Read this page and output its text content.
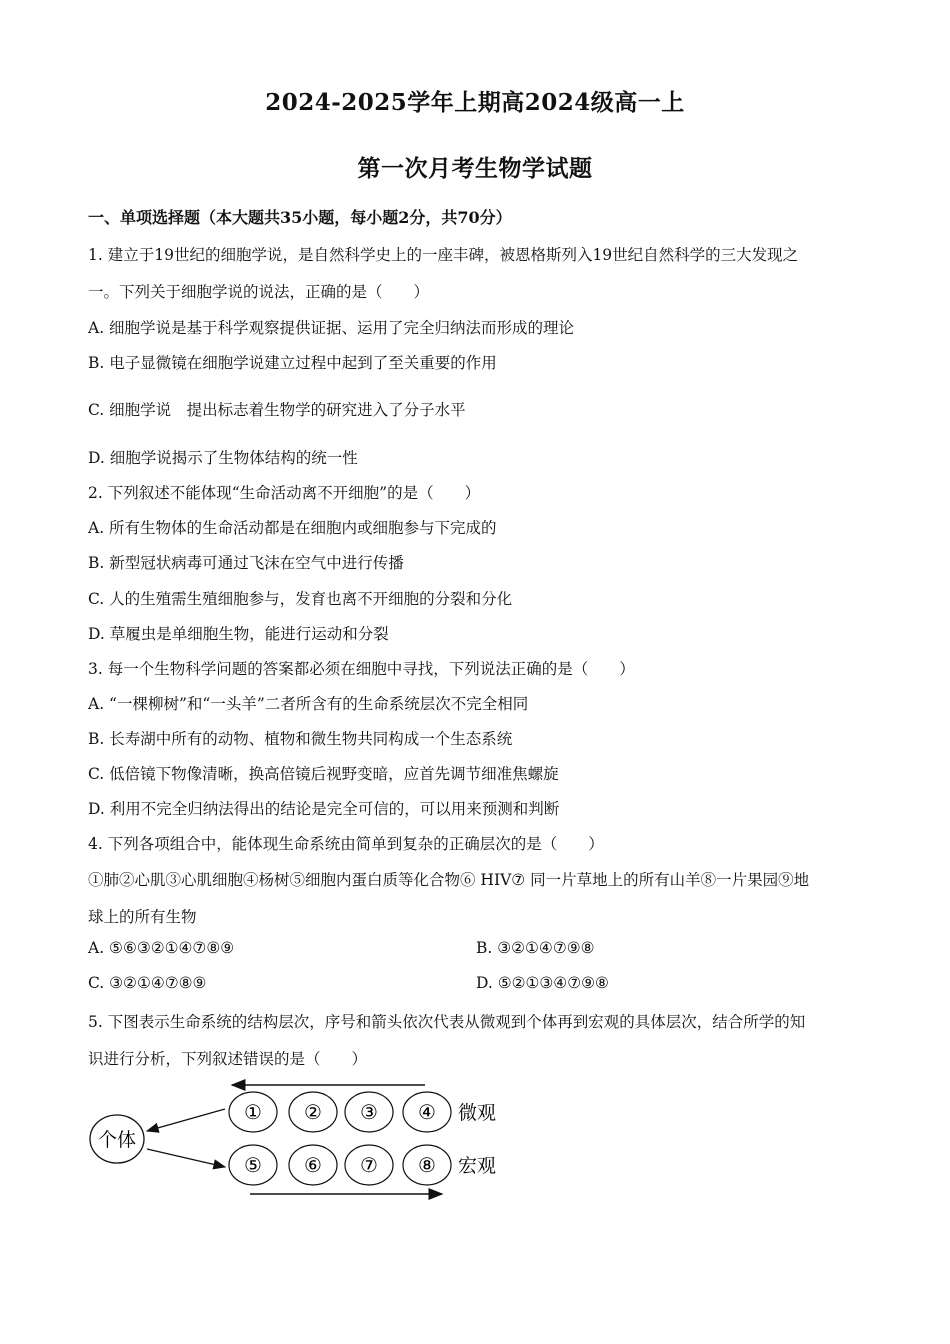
2024-2025学年上期高2024级高一上
第一次月考生物学试题
一、单项选择题（本大题共35小题，每小题2分，共70分）
1. 建立于19世纪的细胞学说，是自然科学史上的一座丰碑，被恩格斯列入19世纪自然科学的三大发现之
一。下列关于细胞学说的说法，正确的是（　　）
A. 细胞学说是基于科学观察提供证据、运用了完全归纳法而形成的理论
B. 电子显微镜在细胞学说建立过程中起到了至关重要的作用
C. 细胞学说　提出标志着生物学的研究进入了分子水平
D. 细胞学说揭示了生物体结构的统一性
2. 下列叙述不能体现“生命活动离不开细胞”的是（　　）
A. 所有生物体的生命活动都是在细胞内或细胞参与下完成的
B. 新型冠状病毒可通过飞沫在空气中进行传播
C. 人的生殖需生殖细胞参与，发育也离不开细胞的分裂和分化
D. 草履虫是单细胞生物，能进行运动和分裂
3. 每一个生物科学问题的答案都必须在细胞中寻找，下列说法正确的是（　　）
A. “一棵柳树”和“一头羊”二者所含有的生命系统层次不完全相同
B. 长寿湖中所有的动物、植物和微生物共同构成一个生态系统
C. 低倍镜下物像清晰，换高倍镜后视野变暗，应首先调节细准焦螺旋
D. 利用不完全归纳法得出的结论是完全可信的，可以用来预测和判断
4. 下列各项组合中，能体现生命系统由简单到复杂的正确层次的是（　　）
①肺②心肌③心肌细胞④杨树⑤细胞内蛋白质等化合物⑥ HIV⑦ 同一片草地上的所有山羊⑧一片果园⑨地
球上的所有生物
A. ⑤⑥③②①④⑦⑧⑨	B. ③②①④⑦⑨⑧
C. ③②①④⑦⑧⑨	D. ⑤②①③④⑦⑨⑧
5. 下图表示生命系统的结构层次，序号和箭头依次代表从微观到个体再到宏观的具体层次，结合所学的知
识进行分析，下列叙述错误的是（　　）
个体
① ② ③ ④ 微观
⑤ ⑥ ⑦ ⑧ 宏观
